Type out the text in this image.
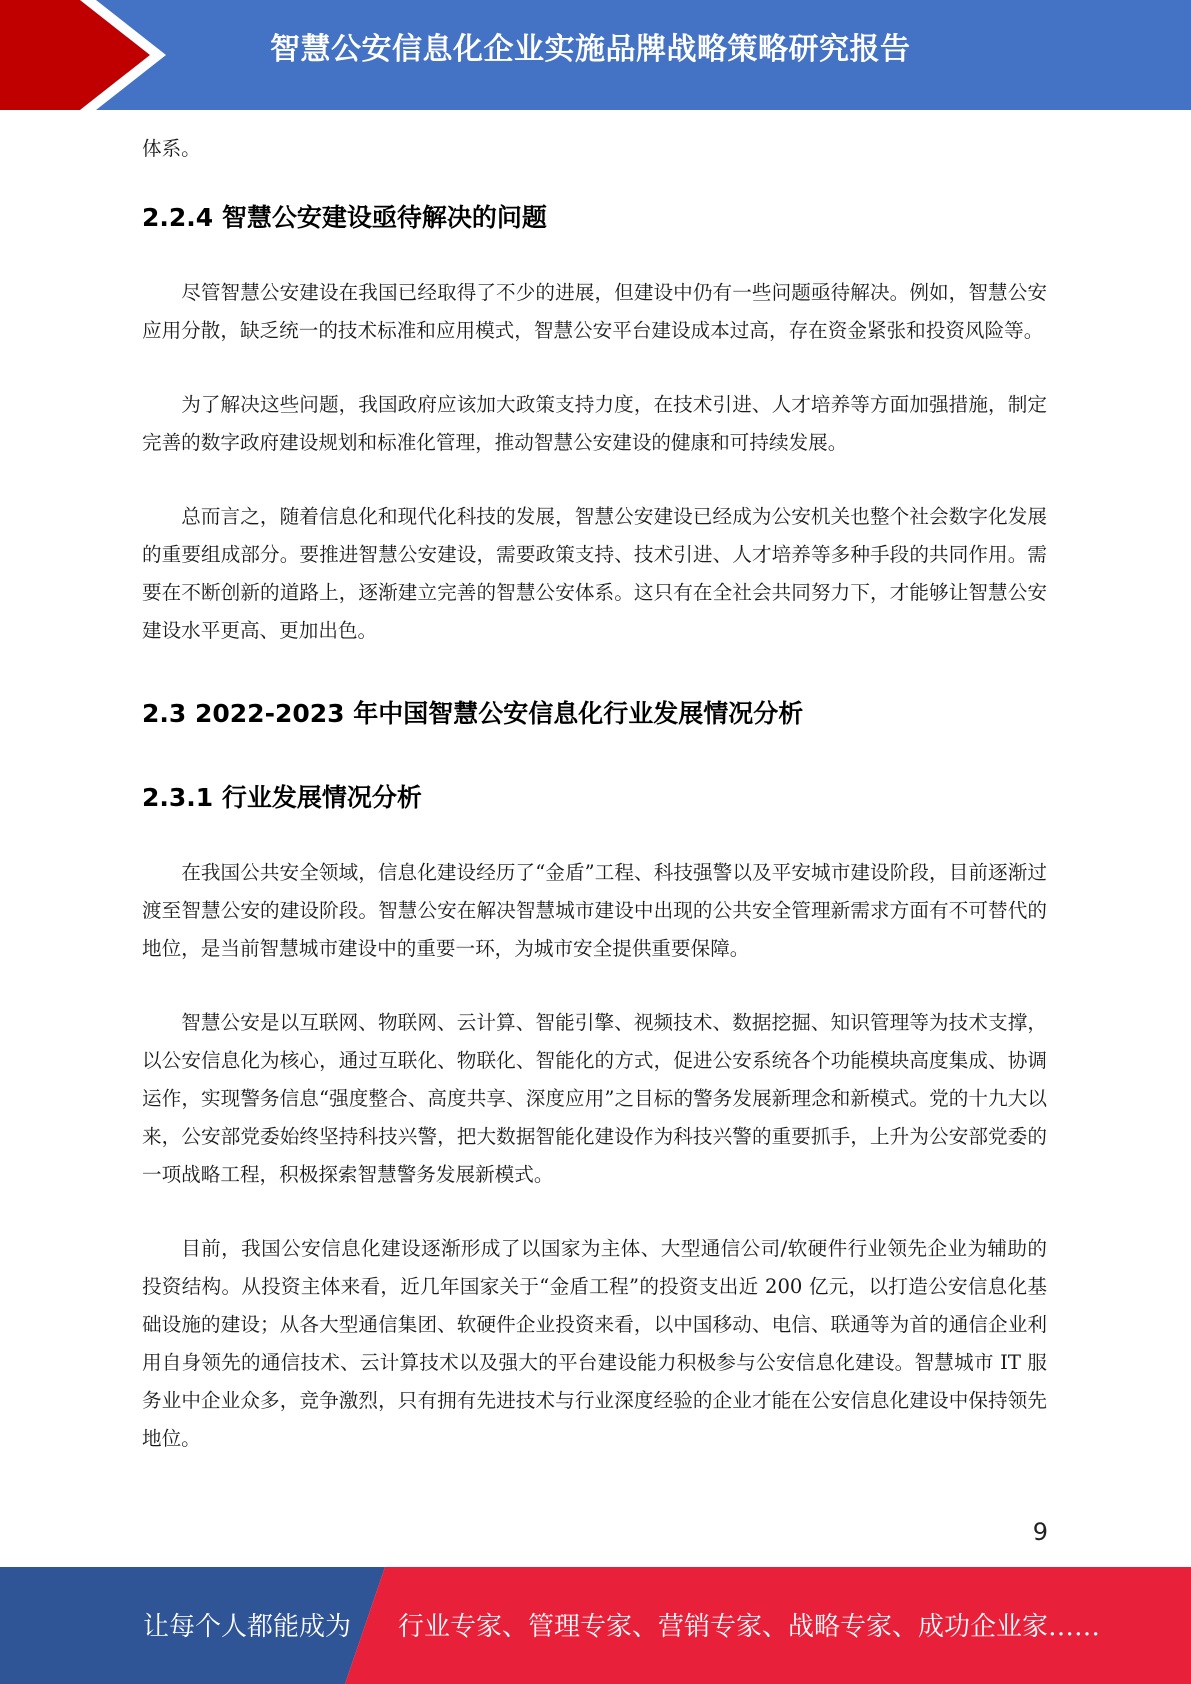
智慧公安信息化企业实施品牌战略策略研究报告

体系。

2.2.4 智慧公安建设亟待解决的问题

尽管智慧公安建设在我国已经取得了不少的进展，但建设中仍有一些问题亟待解决。例如，智慧公安应用分散，缺乏统一的技术标准和应用模式，智慧公安平台建设成本过高，存在资金紧张和投资风险等。

为了解决这些问题，我国政府应该加大政策支持力度，在技术引进、人才培养等方面加强措施，制定完善的数字政府建设规划和标准化管理，推动智慧公安建设的健康和可持续发展。

总而言之，随着信息化和现代化科技的发展，智慧公安建设已经成为公安机关也整个社会数字化发展的重要组成部分。要推进智慧公安建设，需要政策支持、技术引进、人才培养等多种手段的共同作用。需要在不断创新的道路上，逐渐建立完善的智慧公安体系。这只有在全社会共同努力下，才能够让智慧公安建设水平更高、更加出色。

2.3 2022-2023 年中国智慧公安信息化行业发展情况分析
2.3.1 行业发展情况分析

在我国公共安全领域，信息化建设经历了“金盾”工程、科技强警以及平安城市建设阶段，目前逐渐过渡至智慧公安的建设阶段。智慧公安在解决智慧城市建设中出现的公共安全管理新需求方面有不可替代的地位，是当前智慧城市建设中的重要一环，为城市安全提供重要保障。

智慧公安是以互联网、物联网、云计算、智能引擎、视频技术、数据挖掘、知识管理等为技术支撑，以公安信息化为核心，通过互联化、物联化、智能化的方式，促进公安系统各个功能模块高度集成、协调运作，实现警务信息“强度整合、高度共享、深度应用”之目标的警务发展新理念和新模式。党的十九大以来，公安部党委始终坚持科技兴警，把大数据智能化建设作为科技兴警的重要抓手，上升为公安部党委的一项战略工程，积极探索智慧警务发展新模式。

目前，我国公安信息化建设逐渐形成了以国家为主体、大型通信公司/软硬件行业领先企业为辅助的投资结构。从投资主体来看，近几年国家关于“金盾工程”的投资支出近 200 亿元，以打造公安信息化基础设施的建设；从各大型通信集团、软硬件企业投资来看，以中国移动、电信、联通等为首的通信企业利用自身领先的通信技术、云计算技术以及强大的平台建设能力积极参与公安信息化建设。智慧城市 IT 服务业中企业众多，竞争激烈，只有拥有先进技术与行业深度经验的企业才能在公安信息化建设中保持领先地位。

9
让每个人都能成为 行业专家、管理专家、营销专家、战略专家、成功企业家……
